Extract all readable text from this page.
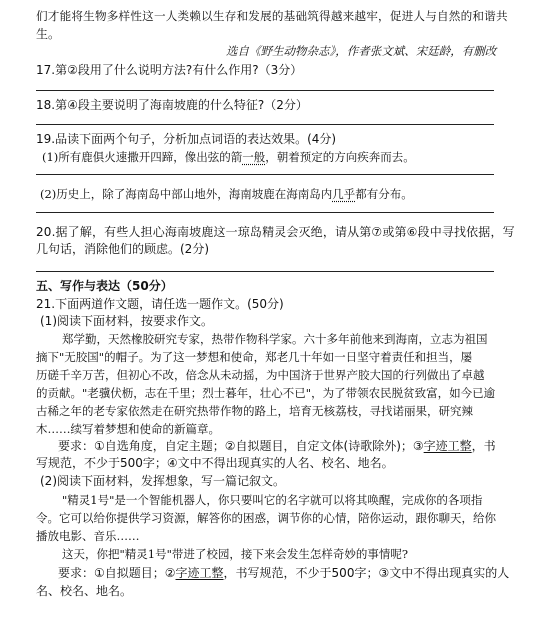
们才能将生物多样性这一人类赖以生存和发展的基础筑得越来越牢，促进人与自然的和谐共
生。
选自《野生动物杂志》，作者张文斌、宋廷龄，有删改
17.第②段用了什么说明方法?有什么作用?（3分）
18.第④段主要说明了海南坡鹿的什么特征?（2分）
19.品读下面两个句子，分析加点词语的表达效果。(4分)
(1)所有鹿俱火速撒开四蹄，像出弦的箭一般，朝着预定的方向疾奔而去。
(2)历史上，除了海南岛中部山地外，海南坡鹿在海南岛内几乎都有分布。
20.据了解，有些人担心海南坡鹿这一琼岛精灵会灭绝，请从第⑦或第⑥段中寻找依据，写
几句话，消除他们的顾虑。(2分)
五、写作与表达（50分）
21.下面两道作文题，请任选一题作文。(50分)
(1)阅读下面材料，按要求作文。
郑学勤，天然橡胶研究专家，热带作物科学家。六十多年前他来到海南，立志为祖国
摘下"无胶国"的帽子。为了这一梦想和使命，郑老几十年如一日坚守着责任和担当，屡
历磋千辛万苦，但初心不改，倍念从未动摇，为中国济于世界产胶大国的行列做出了卓越
的贡献。"老骥伏枥，志在千里；烈士暮年，壮心不已"，为了带领农民脱贫致富，如今已逾
古稀之年的老专家依然走在研究热带作物的路上，培育无核荔枝，寻找诺丽果，研究辣
木……续写着梦想和使命的新篇章。
要求：①自选角度，自定主题；②自拟题目，自定文体(诗歌除外)；③字迹工整，书
写规范，不少于500字；④文中不得出现真实的人名、校名、地名。
(2)阅读下面材料，发挥想象，写一篇记叙文。
"精灵1号"是一个智能机器人，你只要叫它的名字就可以将其唤醒，完成你的各项指
令。它可以给你提供学习资源，解答你的困惑，调节你的心情，陪你运动，跟你聊天，给你
播放电影、音乐……
这天，你把"精灵1号"带进了校园，接下来会发生怎样奇妙的事情呢?
要求：①自拟题目；②字迹工整，书写规范，不少于500字；③文中不得出现真实的人
名、校名、地名。
